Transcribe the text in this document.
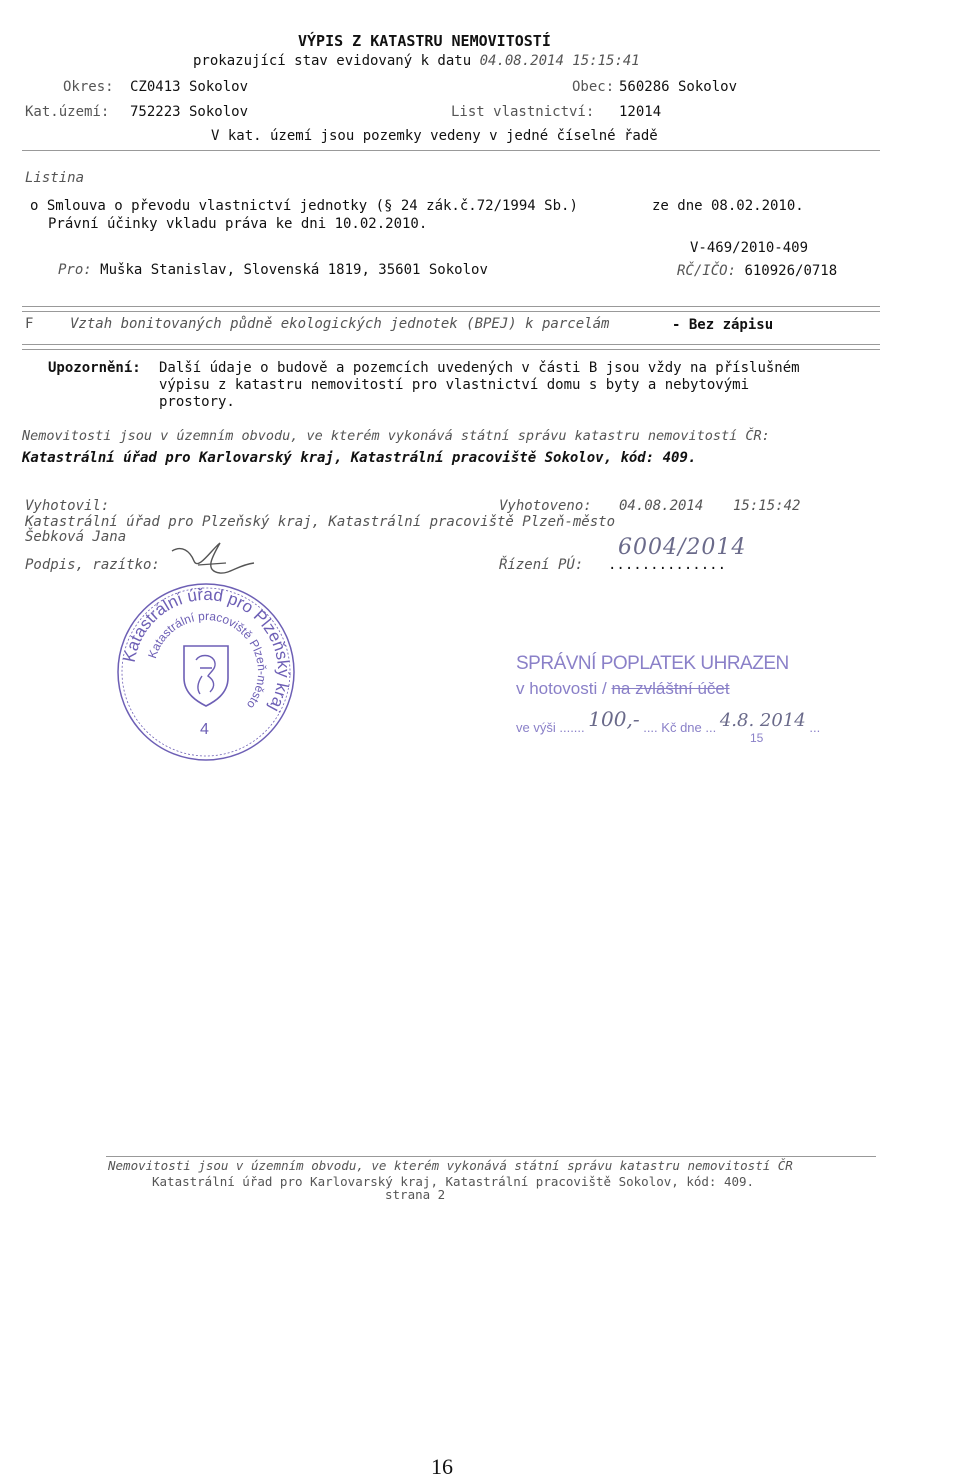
VÝPIS Z KATASTRU NEMOVITOSTÍ
prokazující stav evidovaný k datu 04.08.2014 15:15:41
Okres: CZ0413 Sokolov	Obec: 560286 Sokolov
Kat.území: 752223 Sokolov	List vlastnictví: 12014
V kat. území jsou pozemky vedeny v jedné číselné řadě
Listina
o Smlouva o převodu vlastnictví jednotky (§ 24 zák.č.72/1994 Sb.)	ze dne 08.02.2010.
Právní účinky vkladu práva ke dni 10.02.2010.
V-469/2010-409
Pro: Muška Stanislav, Slovenská 1819, 35601 Sokolov	RČ/IČO: 610926/0718
F	Vztah bonitovaných půdně ekologických jednotek (BPEJ) k parcelám	- Bez zápisu
Upozornění: Další údaje o budově a pozemcích uvedených v části B jsou vždy na příslušném
výpisu z katastru nemovitostí pro vlastnictví domu s byty a nebytovými
prostory.
Nemovitosti jsou v územním obvodu, ve kterém vykonává státní správu katastru nemovitostí ČR:
Katastrální úřad pro Karlovarský kraj, Katastrální pracoviště Sokolov, kód: 409.
Vyhotovil:	Vyhotoveno: 04.08.2014 15:15:42
Katastrální úřad pro Plzeňský kraj, Katastrální pracoviště Plzeň-město
Šebková Jana
Podpis, razítko:	Řízení PÚ: ..............
6004/2014
Katastrální úřad pro Plzeňský kraj
Katastrální pracoviště Plzeň-město
4
SPRÁVNÍ POPLATEK UHRAZEN
v hotovosti / na zvláštní účet
ve výši ....... 100,- .... Kč dne ... 4.8. 2014 ...
15
Nemovitosti jsou v územním obvodu, ve kterém vykonává státní správu katastru nemovitostí ČR
Katastrální úřad pro Karlovarský kraj, Katastrální pracoviště Sokolov, kód: 409.
strana 2
16
